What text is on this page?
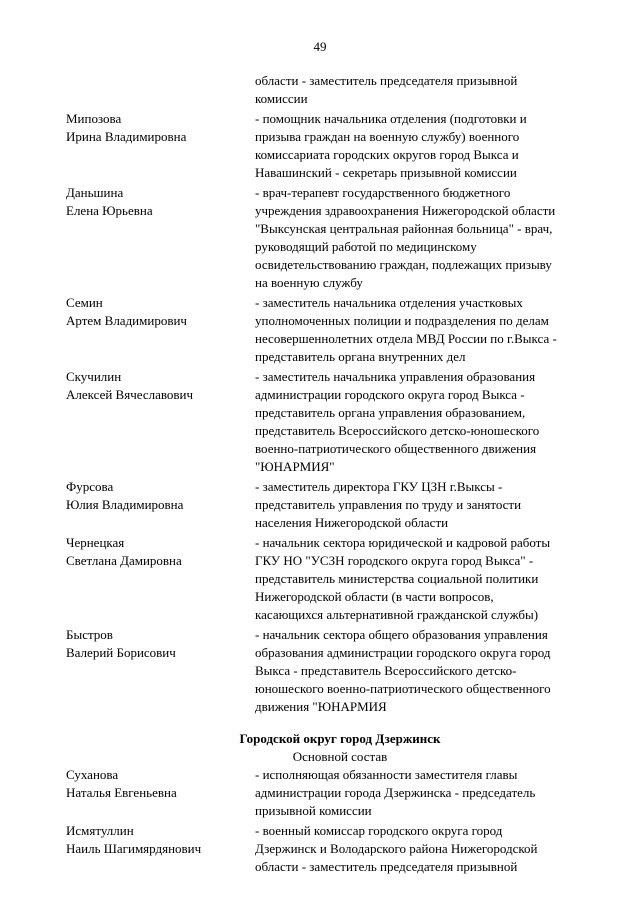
49
области - заместитель председателя призывной
комиссии
Мипозова
Ирина Владимировна
- помощник начальника отделения (подготовки и
призыва граждан на военную службу) военного
комиссариата городских округов город Выкса и
Навашинский - секретарь призывной комиссии
Даньшина
Елена Юрьевна
- врач-терапевт государственного бюджетного
учреждения здравоохранения Нижегородской области
"Выксунская центральная районная больница" - врач,
руководящий работой по медицинскому
освидетельствованию граждан, подлежащих призыву
на военную службу
Семин
Артем Владимирович
- заместитель начальника отделения участковых
уполномоченных полиции и подразделения по делам
несовершеннолетних отдела МВД России по г.Выкса -
представитель органа внутренних дел
Скучилин
Алексей Вячеславович
- заместитель начальника управления образования
администрации городского округа город Выкса -
представитель органа управления образованием,
представитель Всероссийского детско-юношеского
военно-патриотического общественного движения
"ЮНАРМИЯ"
Фурсова
Юлия Владимировна
- заместитель директора ГКУ ЦЗН г.Выксы -
представитель управления по труду и занятости
населения Нижегородской области
Чернецкая
Светлана Дамировна
- начальник сектора юридической и кадровой работы
ГКУ НО "УСЗН городского округа город Выкса" -
представитель министерства социальной политики
Нижегородской области (в части вопросов,
касающихся альтернативной гражданской службы)
Быстров
Валерий Борисович
- начальник сектора общего образования управления
образования администрации городского округа город
Выкса - представитель Всероссийского детско-
юношеского военно-патриотического общественного
движения "ЮНАРМИЯ
Городской округ город Дзержинск
Основной состав
Суханова
Наталья Евгеньевна
- исполняющая обязанности заместителя главы
администрации города Дзержинска - председатель
призывной комиссии
Исмятуллин
Наиль Шагимярдянович
- военный комиссар городского округа город
Дзержинск и Володарского района Нижегородской
области - заместитель председателя призывной
